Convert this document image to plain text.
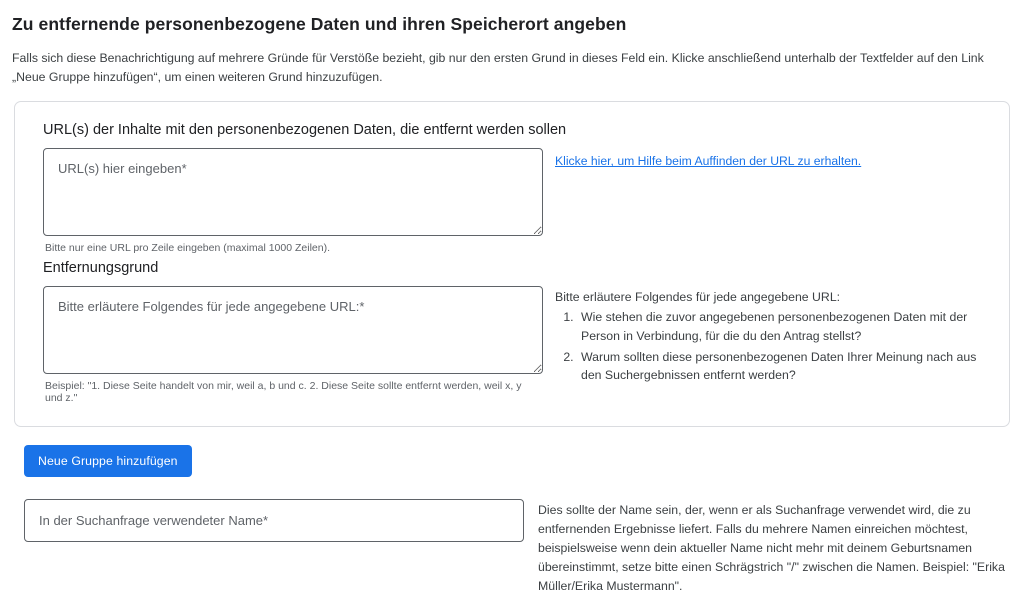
Zu entfernende personenbezogene Daten und ihren Speicherort angeben

Falls sich diese Benachrichtigung auf mehrere Gründe für Verstöße bezieht, gib nur den ersten Grund in dieses Feld ein. Klicke anschließend unterhalb der Textfelder auf den Link „Neue Gruppe hinzufügen“, um einen weiteren Grund hinzuzufügen.

URL(s) der Inhalte mit den personenbezogenen Daten, die entfernt werden sollen
URL(s) hier eingeben*
Bitte nur eine URL pro Zeile eingeben (maximal 1000 Zeilen).
Klicke hier, um Hilfe beim Auffinden der URL zu erhalten.
Entfernungsgrund
Bitte erläutere Folgendes für jede angegebene URL:*
Beispiel: "1. Diese Seite handelt von mir, weil a, b und c. 2. Diese Seite sollte entfernt werden, weil x, y und z."
Bitte erläutere Folgendes für jede angegebene URL:
1. Wie stehen die zuvor angegebenen personenbezogenen Daten mit der Person in Verbindung, für die du den Antrag stellst?
2. Warum sollten diese personenbezogenen Daten Ihrer Meinung nach aus den Suchergebnissen entfernt werden?
Neue Gruppe hinzufügen
In der Suchanfrage verwendeter Name*
Dies sollte der Name sein, der, wenn er als Suchanfrage verwendet wird, die zu entfernenden Ergebnisse liefert. Falls du mehrere Namen einreichen möchtest, beispielsweise wenn dein aktueller Name nicht mehr mit deinem Geburtsnamen übereinstimmt, setze bitte einen Schrägstrich "/" zwischen die Namen. Beispiel: "Erika Müller/Erika Mustermann".
